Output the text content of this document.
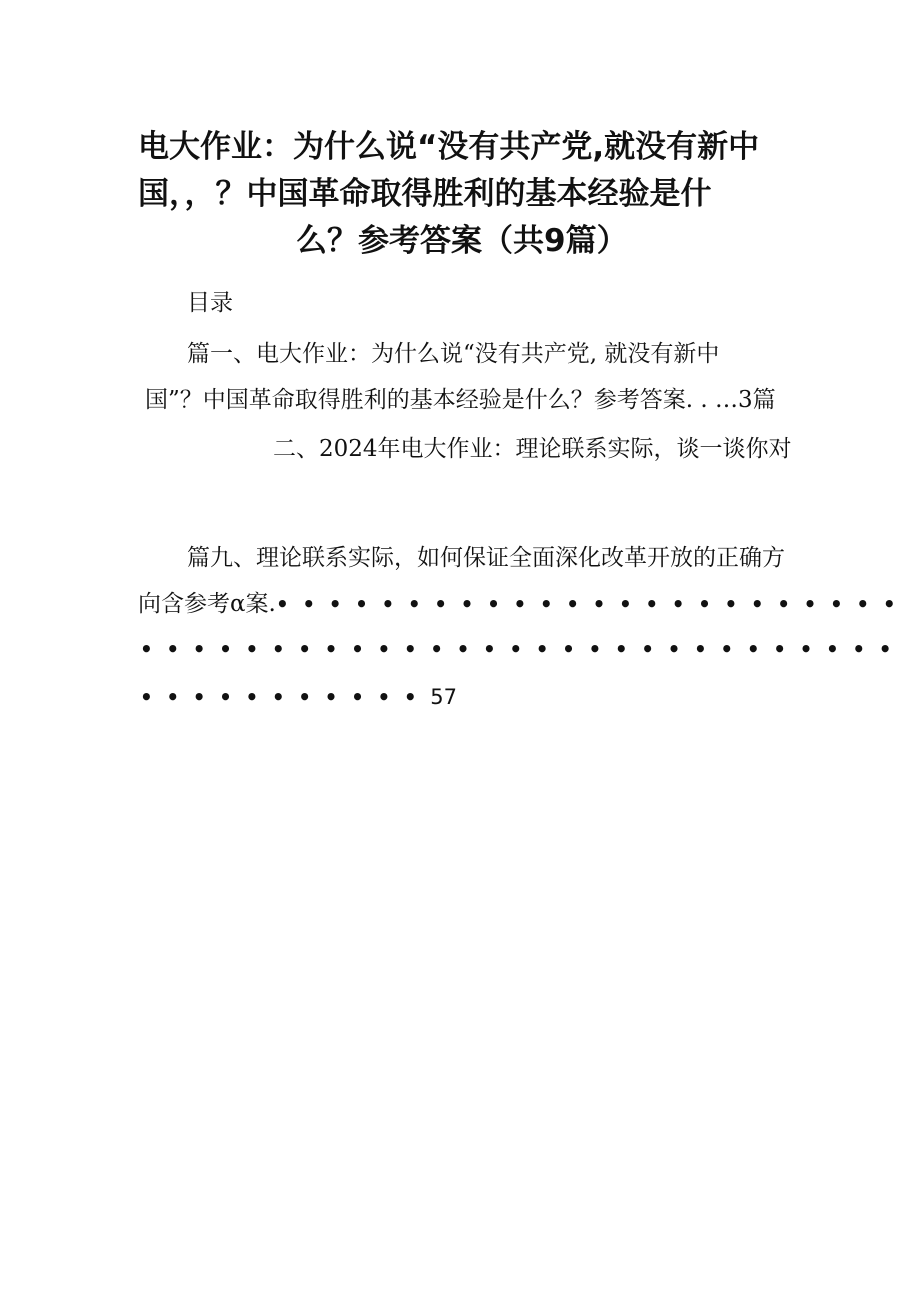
电大作业：为什么说“没有共产党,就没有新中
国，，？中国革命取得胜利的基本经验是什
么？参考答案（共9篇）
目录
篇一、电大作业：为什么说“没有共产党, 就没有新中
国”？中国革命取得胜利的基本经验是什么？参考答案. . …3篇
二、2024年电大作业：理论联系实际，谈一谈你对
篇九、理论联系实际，如何保证全面深化改革开放的正确方
向含参考α案. ••••••••••••••••••••••••
•••••••••••••••••••••••••••••
•••••••••••57
